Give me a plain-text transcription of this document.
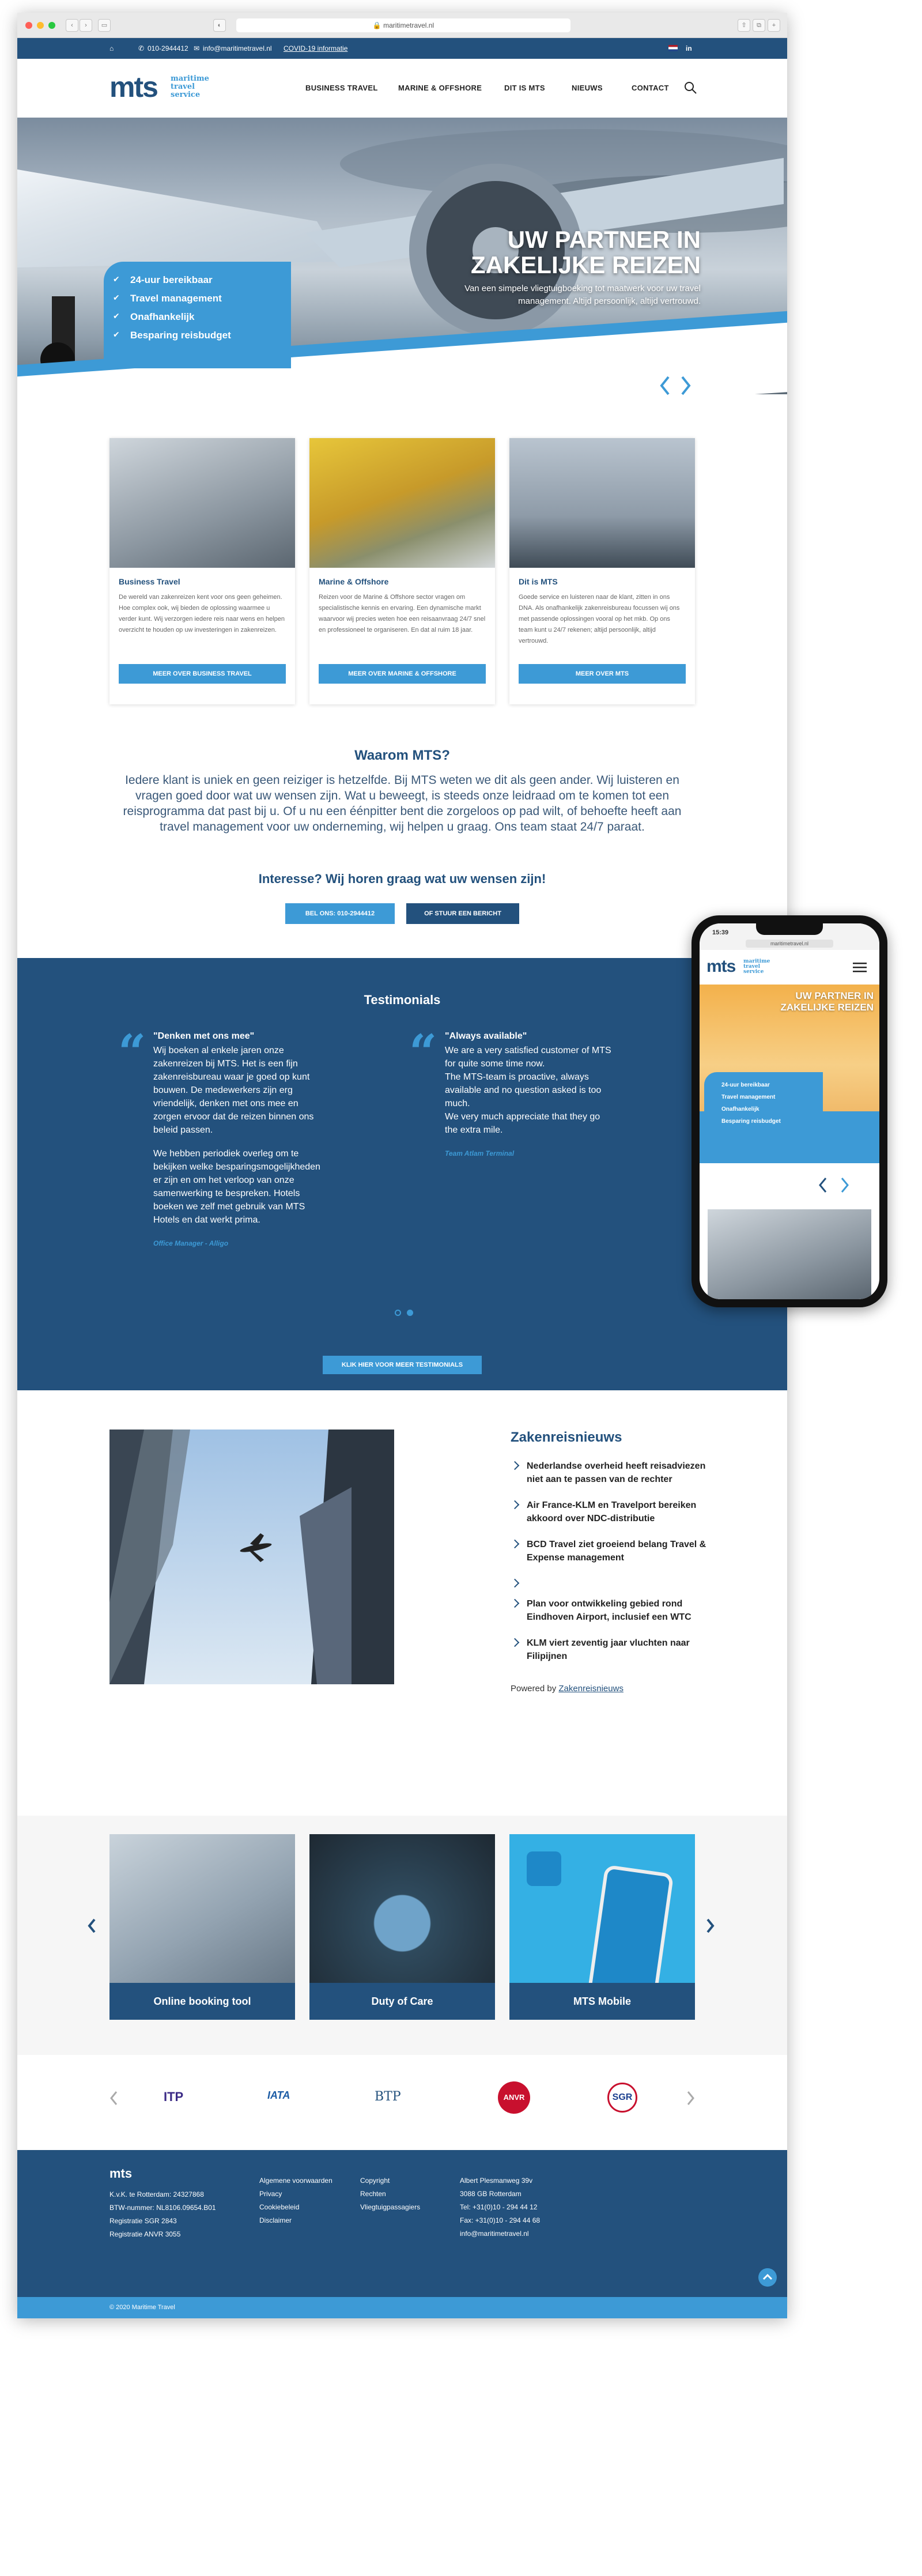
‹	›	▭	◐	🔒 maritimetravel.nl	⇧	⧉	+
⌂	✆ 010-2944412 ✉ info@maritimetravel.nl COVID-19 informatie	in
mts maritime
travel
service
BUSINESS TRAVEL	MARINE & OFFSHORE	DIT IS MTS	NIEUWS	CONTACT
✔ 24-uur bereikbaar
✔ Travel management
✔ Onafhankelijk
✔ Besparing reisbudget
UW PARTNER IN
ZAKELIJKE REIZEN
Van een simpele vliegtuigboeking tot maatwerk voor uw travel
management. Altijd persoonlijk, altijd vertrouwd.
Business Travel

De wereld van zakenreizen kent voor ons geen geheimen. Hoe complex ook, wij bieden de oplossing waarmee u verder kunt. Wij verzorgen iedere reis naar wens en helpen overzicht te houden op uw investeringen in zakenreizen.

MEER OVER BUSINESS TRAVEL
Marine & Offshore

Reizen voor de Marine & Offshore sector vragen om specialistische kennis en ervaring. Een dynamische markt waarvoor wij precies weten hoe een reisaanvraag 24/7 snel en professioneel te organiseren. En dat al ruim 18 jaar.

MEER OVER MARINE & OFFSHORE
Dit is MTS

Goede service en luisteren naar de klant, zitten in ons DNA. Als onafhankelijk zakenreisbureau focussen wij ons met passende oplossingen vooral op het mkb. Op ons team kunt u 24/7 rekenen; altijd persoonlijk, altijd vertrouwd.

MEER OVER MTS
Waarom MTS?
Iedere klant is uniek en geen reiziger is hetzelfde. Bij MTS weten we dit als geen ander. Wij luisteren en vragen goed door wat uw wensen zijn. Wat u beweegt, is steeds onze leidraad om te komen tot een reisprogramma dat past bij u. Of u nu een éénpitter bent die zorgeloos op pad wilt, of behoefte heeft aan travel management voor uw onderneming, wij helpen u graag. Ons team staat 24/7 paraat.
Interesse? Wij horen graag wat uw wensen zijn!
BEL ONS: 010-2944412	OF STUUR EEN BERICHT
Testimonials
“ "Denken met ons mee"

Wij boeken al enkele jaren onze zakenreizen bij MTS. Het is een fijn zakenreisbureau waar je goed op kunt bouwen. De medewerkers zijn erg vriendelijk, denken met ons mee en zorgen ervoor dat de reizen binnen ons beleid passen.

We hebben periodiek overleg om te bekijken welke besparingsmogelijkheden er zijn en om het verloop van onze samenwerking te bespreken. Hotels boeken we zelf met gebruik van MTS Hotels en dat werkt prima.

Office Manager - Alligo
“ "Always available"

We are a very satisfied customer of MTS for quite some time now.

The MTS-team is proactive, always available and no question asked is too much.

We very much appreciate that they go the extra mile.

Team Atlam Terminal
KLIK HIER VOOR MEER TESTIMONIALS
Zakenreisnieuws
Nederlandse overheid heeft reisadviezen niet aan te passen van de rechter
Air France-KLM en Travelport bereiken akkoord over NDC-distributie
BCD Travel ziet groeiend belang Travel & Expense management
Plan voor ontwikkeling gebied rond Eindhoven Airport, inclusief een WTC
KLM viert zeventig jaar vluchten naar Filipijnen
Powered by Zakenreisnieuws
Online booking tool	Duty of Care	MTS Mobile
ITP	IATA	BTP	ANVR	SGR
mts
K.v.K. te Rotterdam: 24327868
BTW-nummer: NL8106.09654.B01
Registratie SGR 2843
Registratie ANVR 3055
Algemene voorwaarden
Privacy
Cookiebeleid
Disclaimer
Copyright
Rechten
Vliegtuigpassagiers
Albert Plesmanweg 39v
3088 GB Rotterdam
Tel: +31(0)10 - 294 44 12
Fax: +31(0)10 - 294 44 68
info@maritimetravel.nl
© 2020 Maritime Travel
15:39
maritimetravel.nl
mts maritime
travel
service
UW PARTNER IN
ZAKELIJKE REIZEN
24-uur bereikbaar
Travel management
Onafhankelijk
Besparing reisbudget
